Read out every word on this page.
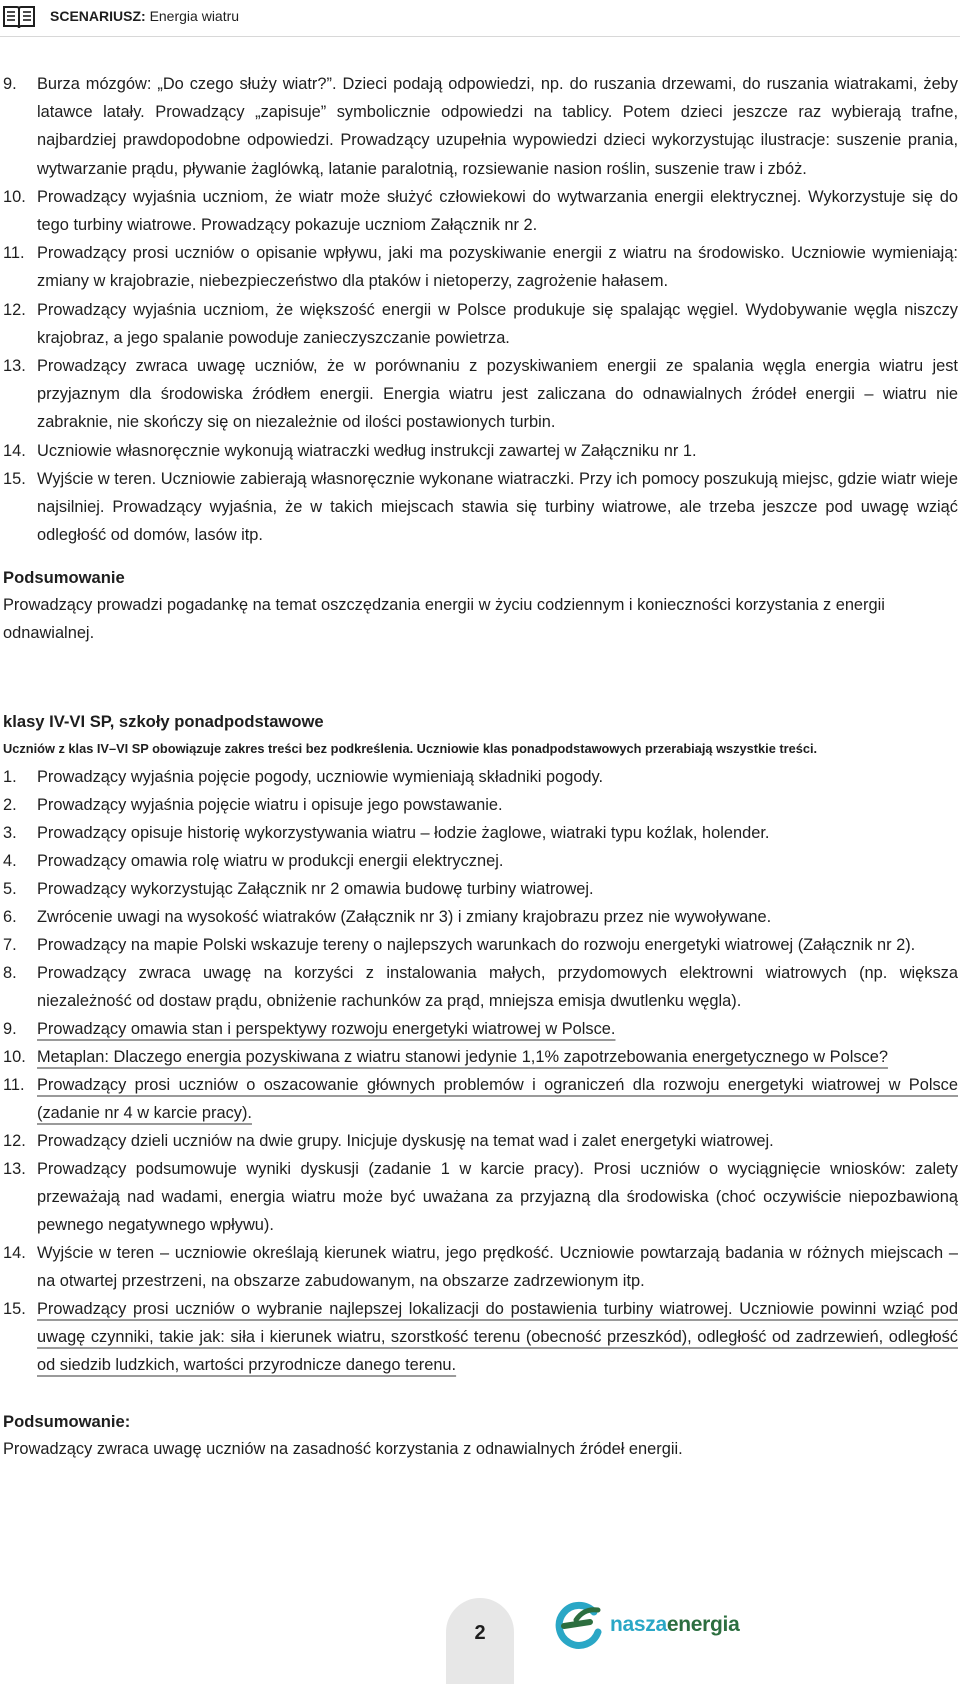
SCENARIUSZ: Energia wiatru
9. Burza mózgów: „Do czego służy wiatr?”. Dzieci podają odpowiedzi, np. do ruszania drzewami, do ruszania wiatrakami, żeby latawce latały. Prowadzący „zapisuje” symbolicznie odpowiedzi na tablicy. Potem dzieci jeszcze raz wybierają trafne, najbardziej prawdopodobne odpowiedzi. Prowadzący uzupełnia wypowiedzi dzieci wykorzystując ilustracje: suszenie prania, wytwarzanie prądu, pływanie żaglówką, latanie paralotnią, rozsiewanie nasion roślin, suszenie traw i zbóż.
10. Prowadzący wyjaśnia uczniom, że wiatr może służyć człowiekowi do wytwarzania energii elektrycznej. Wykorzystuje się do tego turbiny wiatrowe. Prowadzący pokazuje uczniom Załącznik nr 2.
11. Prowadzący prosi uczniów o opisanie wpływu, jaki ma pozyskiwanie energii z wiatru na środowisko. Uczniowie wymieniają: zmiany w krajobrazie, niebezpieczeństwo dla ptaków i nietoperzy, zagrożenie hałasem.
12. Prowadzący wyjaśnia uczniom, że większość energii w Polsce produkuje się spalając węgiel. Wydobywanie węgla niszczy krajobraz, a jego spalanie powoduje zanieczyszczanie powietrza.
13. Prowadzący zwraca uwagę uczniów, że w porównaniu z pozyskiwaniem energii ze spalania węgla energia wiatru jest przyjaznym dla środowiska źródłem energii. Energia wiatru jest zaliczana do odnawialnych źródeł energii – wiatru nie zabraknie, nie skończy się on niezależnie od ilości postawionych turbin.
14. Uczniowie własnoręcznie wykonują wiatraczki według instrukcji zawartej w Załączniku nr 1.
15. Wyjście w teren. Uczniowie zabierają własnoręcznie wykonane wiatraczki. Przy ich pomocy poszukują miejsc, gdzie wiatr wieje najsilniej. Prowadzący wyjaśnia, że w takich miejscach stawia się turbiny wiatrowe, ale trzeba jeszcze pod uwagę wziąć odległość od domów, lasów itp.
Podsumowanie

Prowadzący prowadzi pogadankę na temat oszczędzania energii w życiu codziennym i konieczności korzystania z energii odnawialnej.

klasy IV-VI SP, szkoły ponadpodstawowe
Uczniów z klas IV–VI SP obowiązuje zakres treści bez podkreślenia. Uczniowie klas ponadpodstawowych przerabiają wszystkie treści.
1. Prowadzący wyjaśnia pojęcie pogody, uczniowie wymieniają składniki pogody.
2. Prowadzący wyjaśnia pojęcie wiatru i opisuje jego powstawanie.
3. Prowadzący opisuje historię wykorzystywania wiatru – łodzie żaglowe, wiatraki typu koźlak, holender.
4. Prowadzący omawia rolę wiatru w produkcji energii elektrycznej.
5. Prowadzący wykorzystując Załącznik nr 2 omawia budowę turbiny wiatrowej.
6. Zwrócenie uwagi na wysokość wiatraków (Załącznik nr 3) i zmiany krajobrazu przez nie wywoływane.
7. Prowadzący na mapie Polski wskazuje tereny o najlepszych warunkach do rozwoju energetyki wiatrowej (Załącznik nr 2).
8. Prowadzący zwraca uwagę na korzyści z instalowania małych, przydomowych elektrowni wiatrowych (np. większa niezależność od dostaw prądu, obniżenie rachunków za prąd, mniejsza emisja dwutlenku węgla).
9. Prowadzący omawia stan i perspektywy rozwoju energetyki wiatrowej w Polsce.
10. Metaplan: Dlaczego energia pozyskiwana z wiatru stanowi jedynie 1,1% zapotrzebowania energetycznego w Polsce?
11. Prowadzący prosi uczniów o oszacowanie głównych problemów i ograniczeń dla rozwoju energetyki wiatrowej w Polsce (zadanie nr 4 w karcie pracy).
12. Prowadzący dzieli uczniów na dwie grupy. Inicjuje dyskusję na temat wad i zalet energetyki wiatrowej.
13. Prowadzący podsumowuje wyniki dyskusji (zadanie 1 w karcie pracy). Prosi uczniów o wyciągnięcie wniosków: zalety przeważają nad wadami, energia wiatru może być uważana za przyjazną dla środowiska (choć oczywiście niepozbawioną pewnego negatywnego wpływu).
14. Wyjście w teren – uczniowie określają kierunek wiatru, jego prędkość. Uczniowie powtarzają badania w różnych miejscach – na otwartej przestrzeni, na obszarze zabudowanym, na obszarze zadrzewionym itp.
15. Prowadzący prosi uczniów o wybranie najlepszej lokalizacji do postawienia turbiny wiatrowej. Uczniowie powinni wziąć pod uwagę czynniki, takie jak: siła i kierunek wiatru, szorstkość terenu (obecność przeszkód), odległość od zadrzewień, odległość od siedzib ludzkich, wartości przyrodnicze danego terenu.
Podsumowanie:

Prowadzący zwraca uwagę uczniów na zasadność korzystania z odnawialnych źródeł energii.

2	naszaenergia
